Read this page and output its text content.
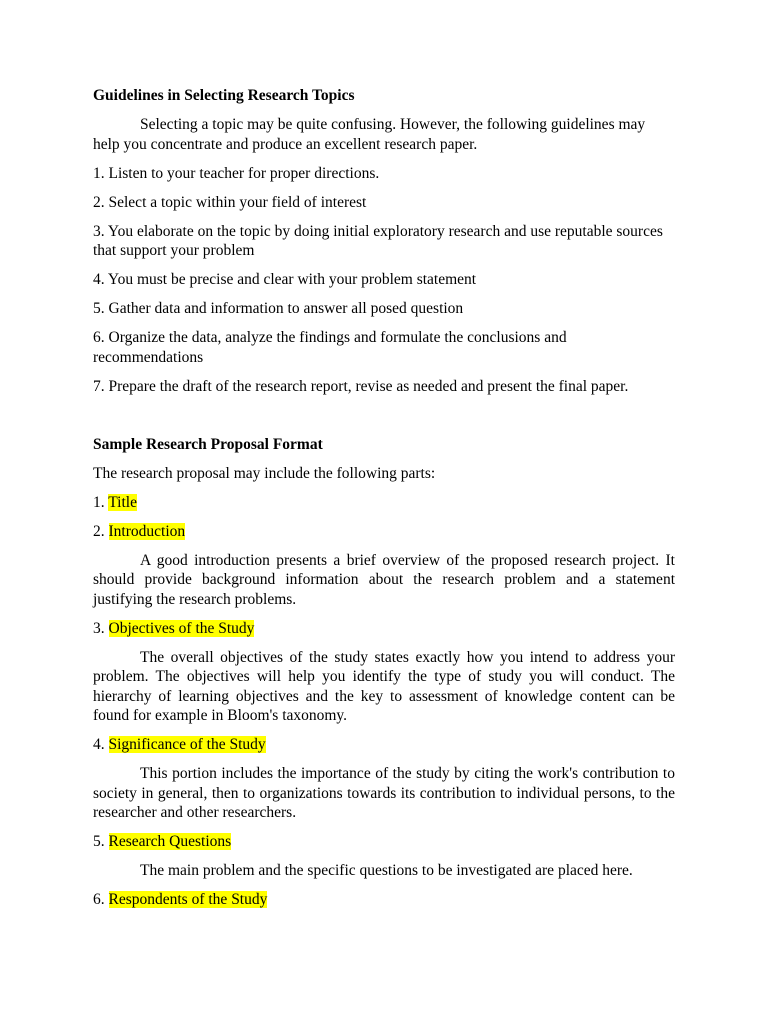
Guidelines in Selecting Research Topics

Selecting a topic may be quite confusing. However, the following guidelines may help you concentrate and produce an excellent research paper.

1. Listen to your teacher for proper directions.

2. Select a topic within your field of interest

3. You elaborate on the topic by doing initial exploratory research and use reputable sources that support your problem

4. You must be precise and clear with your problem statement

5. Gather data and information to answer all posed question

6. Organize the data, analyze the findings and formulate the conclusions and recommendations

7. Prepare the draft of the research report, revise as needed and present the final paper.

Sample Research Proposal Format

The research proposal may include the following parts:

1. Title

2. Introduction

A good introduction presents a brief overview of the proposed research project. It should provide background information about the research problem and a statement justifying the research problems.

3. Objectives of the Study

The overall objectives of the study states exactly how you intend to address your problem. The objectives will help you identify the type of study you will conduct. The hierarchy of learning objectives and the key to assessment of knowledge content can be found for example in Bloom's taxonomy.

4. Significance of the Study

This portion includes the importance of the study by citing the work's contribution to society in general, then to organizations towards its contribution to individual persons, to the researcher and other researchers.

5. Research Questions

The main problem and the specific questions to be investigated are placed here.

6. Respondents of the Study
